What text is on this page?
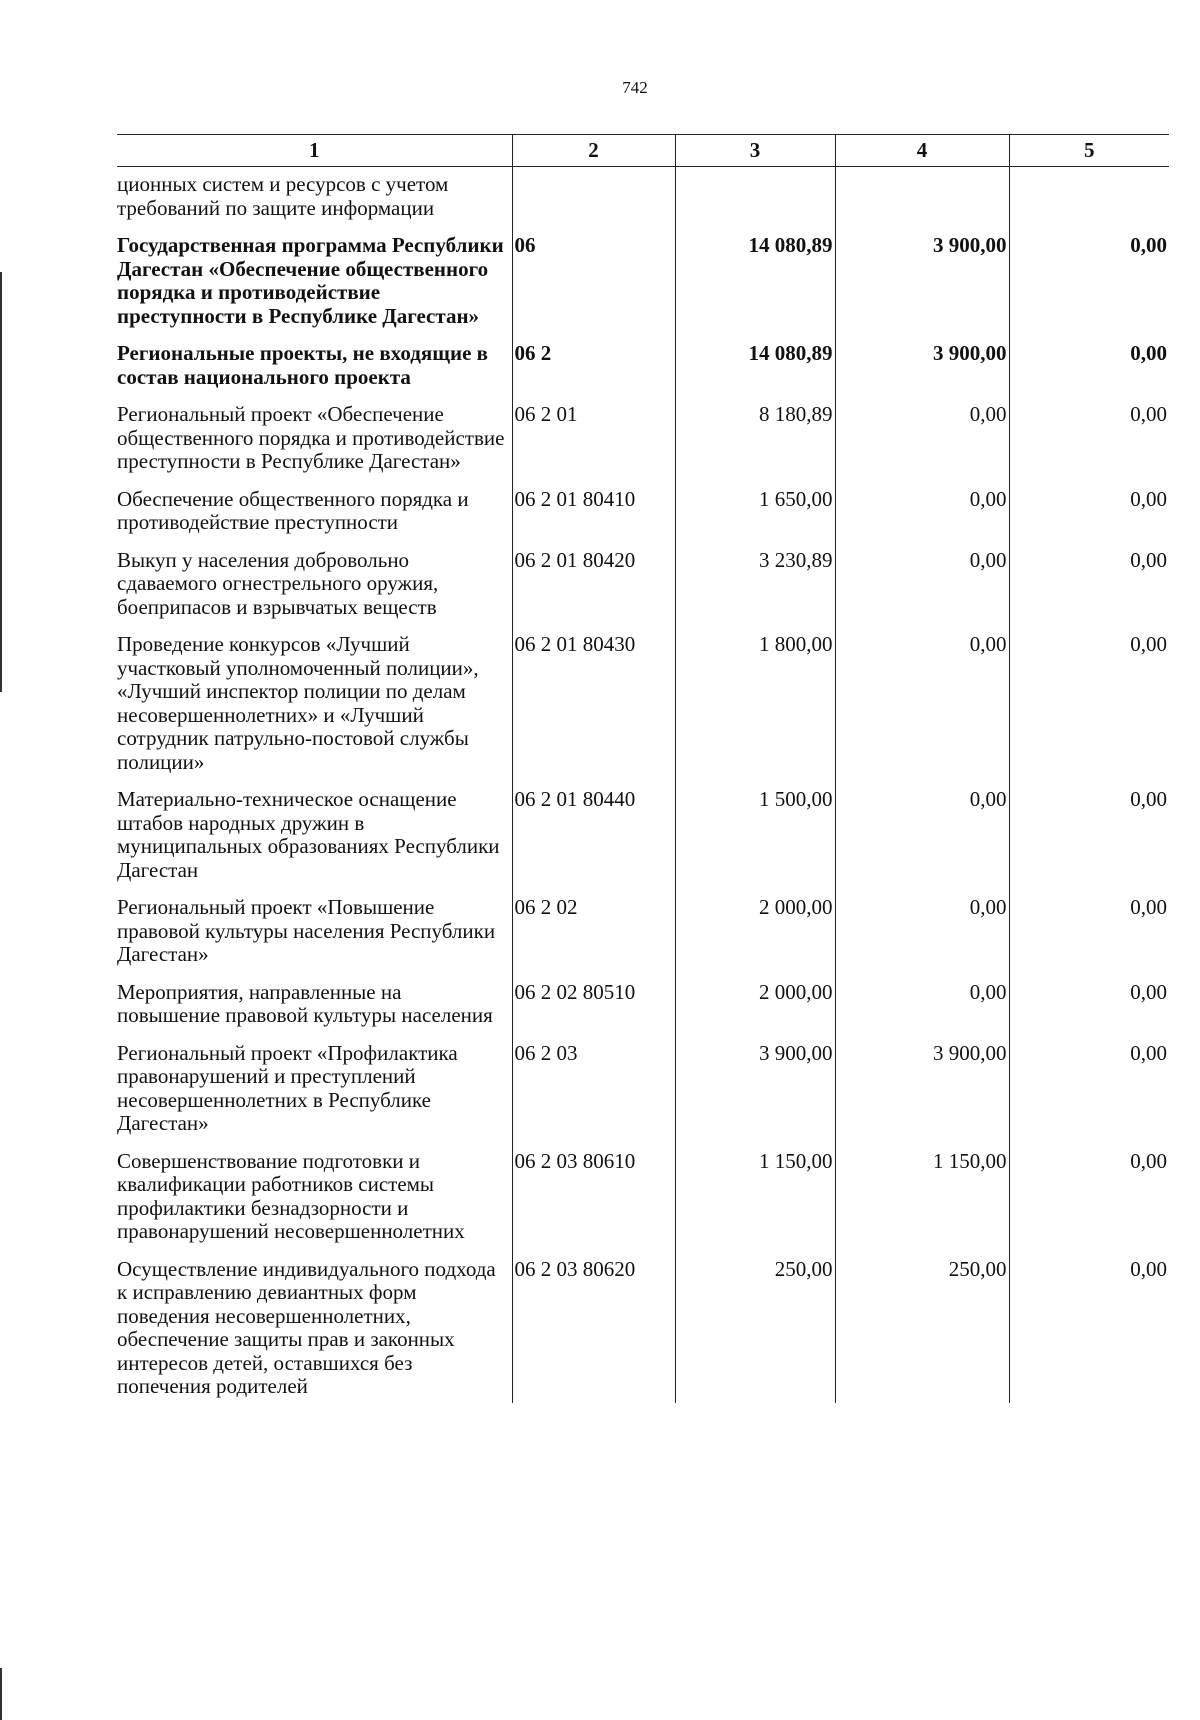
742
1	2	3	4	5
ционных систем и ресурсов с учетом требований по защите информации				
Государственная программа Республики Дагестан «Обеспечение общественного порядка и противодействие преступности в Республике Дагестан»	06	14 080,89	3 900,00	0,00
Региональные проекты, не входящие в состав национального проекта	06 2	14 080,89	3 900,00	0,00
Региональный проект «Обеспечение общественного порядка и противодействие преступности в Республике Дагестан»	06 2 01	8 180,89	0,00	0,00
Обеспечение общественного порядка и противодействие преступности	06 2 01 80410	1 650,00	0,00	0,00
Выкуп у населения добровольно сдаваемого огнестрельного оружия, боеприпасов и взрывчатых веществ	06 2 01 80420	3 230,89	0,00	0,00
Проведение конкурсов «Лучший участковый уполномоченный полиции», «Лучший инспектор полиции по делам несовершеннолетних» и «Лучший сотрудник патрульно-постовой службы полиции»	06 2 01 80430	1 800,00	0,00	0,00
Материально-техническое оснащение штабов народных дружин в муниципальных образованиях Республики Дагестан	06 2 01 80440	1 500,00	0,00	0,00
Региональный проект «Повышение правовой культуры населения Республики Дагестан»	06 2 02	2 000,00	0,00	0,00
Мероприятия, направленные на повышение правовой культуры населения	06 2 02 80510	2 000,00	0,00	0,00
Региональный проект «Профилактика правонарушений и преступлений несовершеннолетних в Республике Дагестан»	06 2 03	3 900,00	3 900,00	0,00
Совершенствование подготовки и квалификации работников системы профилактики безнадзорности и правонарушений несовершеннолетних	06 2 03 80610	1 150,00	1 150,00	0,00
Осуществление индивидуального подхода к исправлению девиантных форм поведения несовершеннолетних, обеспечение защиты прав и законных интересов детей, оставшихся без попечения родителей	06 2 03 80620	250,00	250,00	0,00
